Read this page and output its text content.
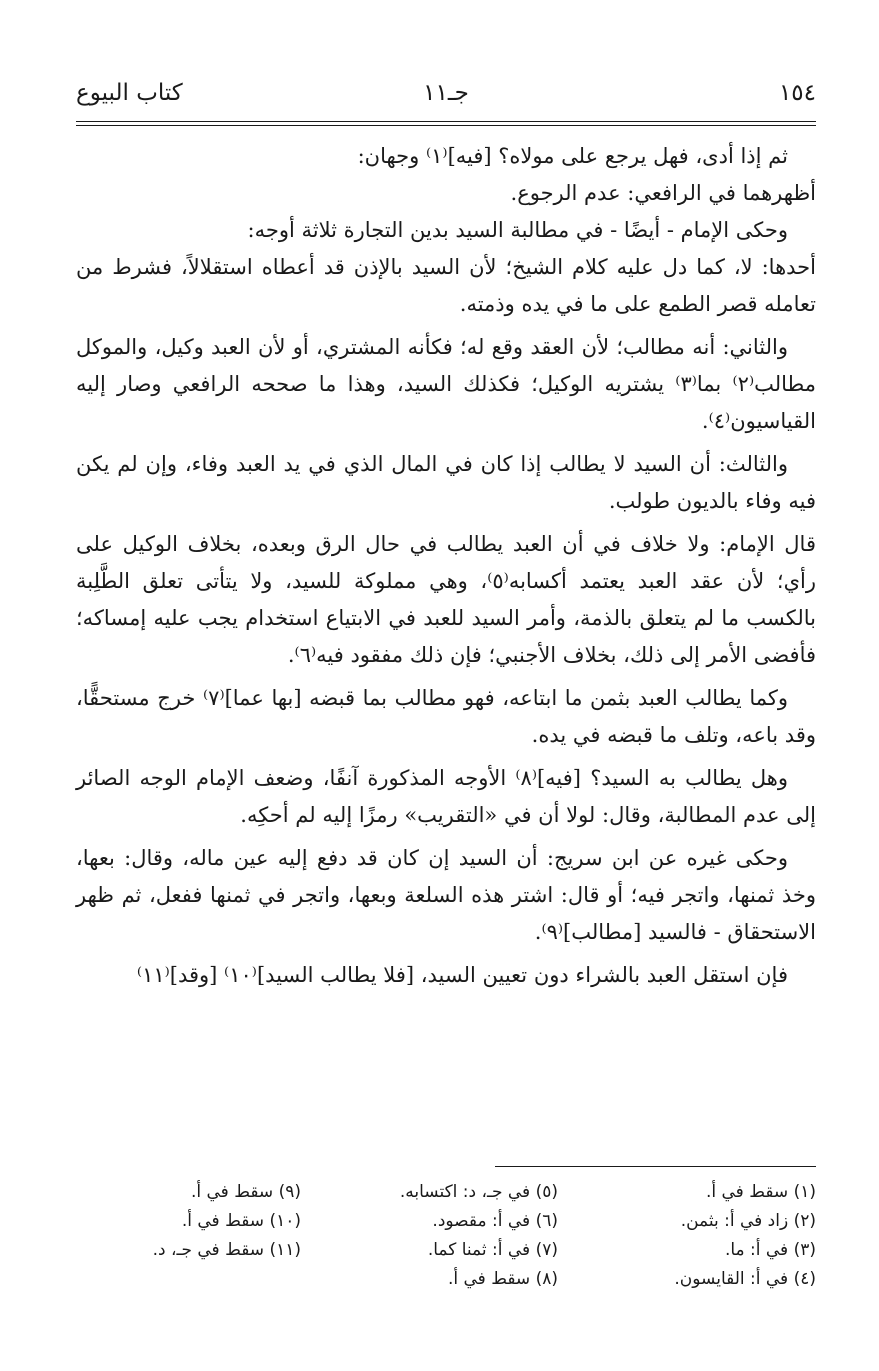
١٥٤
جـ١١
كتاب البيوع

ثم إذا أدى، فهل يرجع على مولاه؟ [فيه]⁽١⁾ وجهان:

أظهرهما في الرافعي: عدم الرجوع.

وحكى الإمام - أيضًا - في مطالبة السيد بدين التجارة ثلاثة أوجه:

أحدها: لا، كما دل عليه كلام الشيخ؛ لأن السيد بالإذن قد أعطاه استقلالاً، فشرط من تعامله قصر الطمع على ما في يده وذمته.

والثاني: أنه مطالب؛ لأن العقد وقع له؛ فكأنه المشتري، أو لأن العبد وكيل، والموكل مطالب⁽٢⁾ بما⁽٣⁾ يشتريه الوكيل؛ فكذلك السيد، وهذا ما صححه الرافعي وصار إليه القياسيون⁽٤⁾.

والثالث: أن السيد لا يطالب إذا كان في المال الذي في يد العبد وفاء، وإن لم يكن فيه وفاء بالديون طولب.

قال الإمام: ولا خلاف في أن العبد يطالب في حال الرق وبعده، بخلاف الوكيل على رأي؛ لأن عقد العبد يعتمد أكسابه⁽٥⁾، وهي مملوكة للسيد، ولا يتأتى تعلق الطَّلِبة بالكسب ما لم يتعلق بالذمة، وأمر السيد للعبد في الابتياع استخدام يجب عليه إمساكه؛ فأفضى الأمر إلى ذلك، بخلاف الأجنبي؛ فإن ذلك مفقود فيه⁽٦⁾.

وكما يطالب العبد بثمن ما ابتاعه، فهو مطالب بما قبضه [بها عما]⁽٧⁾ خرج مستحقًّا، وقد باعه، وتلف ما قبضه في يده.

وهل يطالب به السيد؟ [فيه]⁽٨⁾ الأوجه المذكورة آنفًا، وضعف الإمام الوجه الصائر إلى عدم المطالبة، وقال: لولا أن في «التقريب» رمزًا إليه لم أحكِه.

وحكى غيره عن ابن سريج: أن السيد إن كان قد دفع إليه عين ماله، وقال: بعها، وخذ ثمنها، واتجر فيه؛ أو قال: اشتر هذه السلعة وبعها، واتجر في ثمنها ففعل، ثم ظهر الاستحقاق - فالسيد [مطالب]⁽٩⁾.

فإن استقل العبد بالشراء دون تعيين السيد، [فلا يطالب السيد]⁽١٠⁾ [وقد]⁽١١⁾

(١) سقط في أ.
(٢) زاد في أ: بثمن.
(٣) في أ: ما.
(٤) في أ: القايسون.
(٥) في جـ، د: اكتسابه.
(٦) في أ: مقصود.
(٧) في أ: ثمنا كما.
(٨) سقط في أ.
(٩) سقط في أ.
(١٠) سقط في أ.
(١١) سقط في جـ، د.
